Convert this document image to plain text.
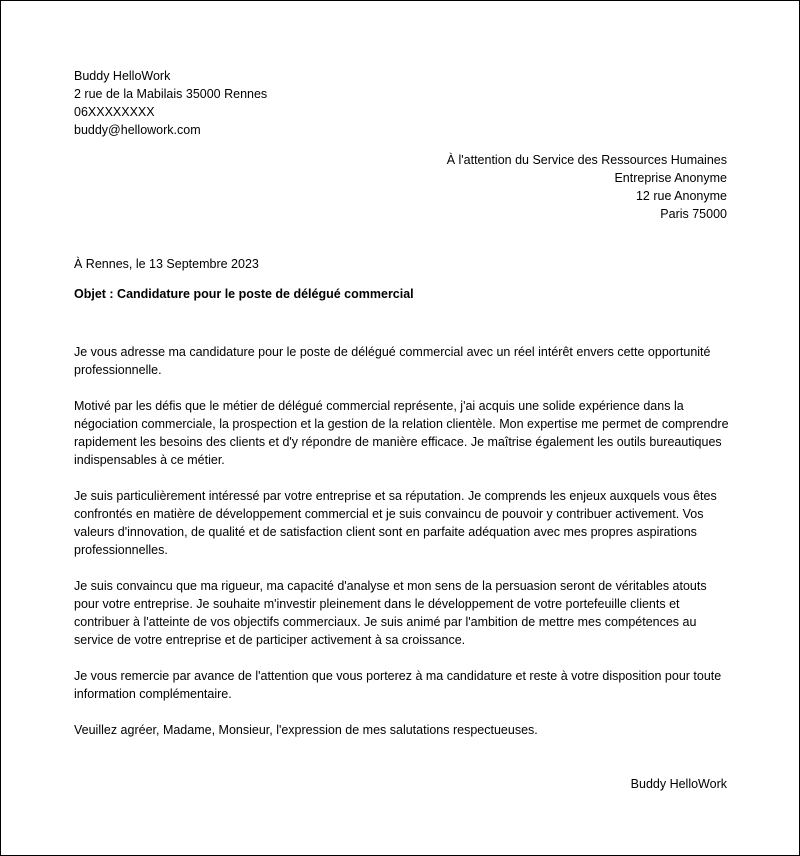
Buddy HelloWork
2 rue de la Mabilais 35000 Rennes
06XXXXXXXX
buddy@hellowork.com
À l'attention du Service des Ressources Humaines
Entreprise Anonyme
12 rue Anonyme
Paris 75000
À Rennes, le 13 Septembre 2023
Objet : Candidature pour le poste de délégué commercial

Je vous adresse ma candidature pour le poste de délégué commercial avec un réel intérêt envers cette opportunité professionnelle.

Motivé par les défis que le métier de délégué commercial représente, j'ai acquis une solide expérience dans la négociation commerciale, la prospection et la gestion de la relation clientèle. Mon expertise me permet de comprendre rapidement les besoins des clients et d'y répondre de manière efficace. Je maîtrise également les outils bureautiques indispensables à ce métier.

Je suis particulièrement intéressé par votre entreprise et sa réputation. Je comprends les enjeux auxquels vous êtes confrontés en matière de développement commercial et je suis convaincu de pouvoir y contribuer activement. Vos valeurs d'innovation, de qualité et de satisfaction client sont en parfaite adéquation avec mes propres aspirations professionnelles.

Je suis convaincu que ma rigueur, ma capacité d'analyse et mon sens de la persuasion seront de véritables atouts pour votre entreprise. Je souhaite m'investir pleinement dans le développement de votre portefeuille clients et contribuer à l'atteinte de vos objectifs commerciaux. Je suis animé par l'ambition de mettre mes compétences au service de votre entreprise et de participer activement à sa croissance.

Je vous remercie par avance de l'attention que vous porterez à ma candidature et reste à votre disposition pour toute information complémentaire.

Veuillez agréer, Madame, Monsieur, l'expression de mes salutations respectueuses.

Buddy HelloWork
